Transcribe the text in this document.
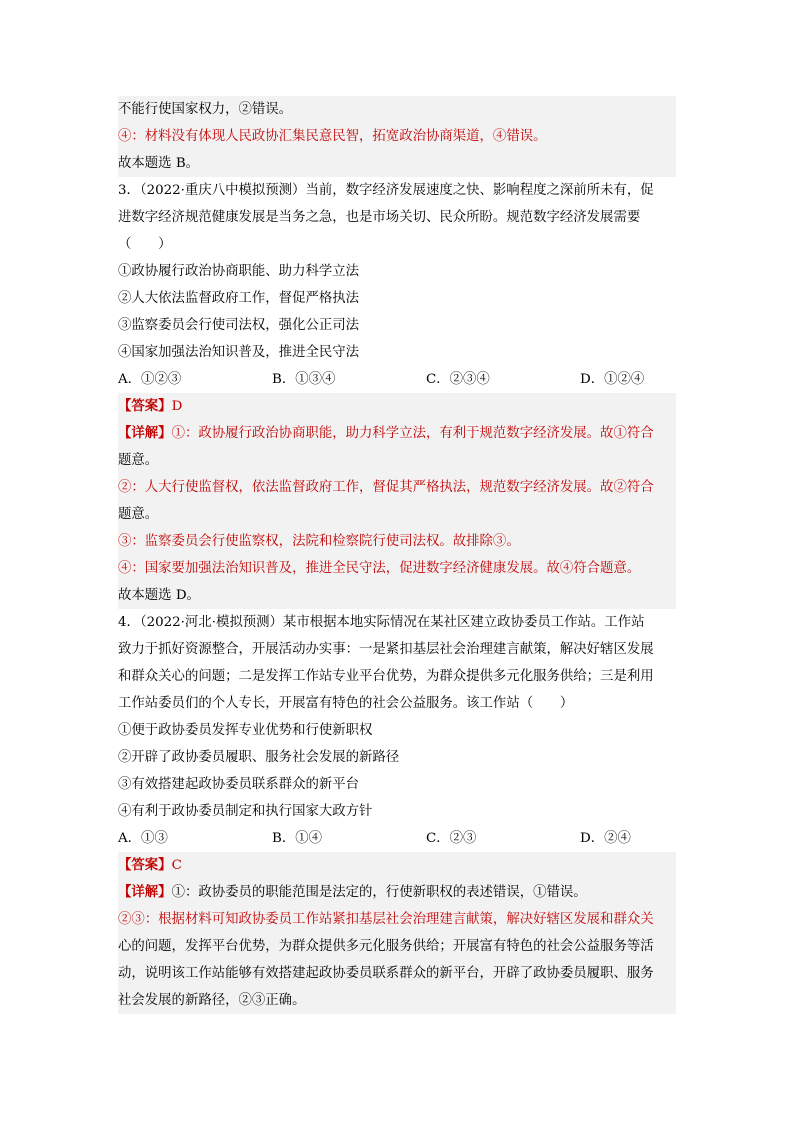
不能行使国家权力，②错误。
④：材料没有体现人民政协汇集民意民智，拓宽政治协商渠道，④错误。
故本题选 B。
3．（2022·重庆八中模拟预测）当前，数字经济发展速度之快、影响程度之深前所未有，促
进数字经济规范健康发展是当务之急，也是市场关切、民众所盼。规范数字经济发展需要
（　　）
①政协履行政治协商职能、助力科学立法
②人大依法监督政府工作，督促严格执法
③监察委员会行使司法权，强化公正司法
④国家加强法治知识普及，推进全民守法
A．①②③	B．①③④	C．②③④	D．①②④
【答案】D
【详解】①：政协履行政治协商职能，助力科学立法，有利于规范数字经济发展。故①符合
题意。
②：人大行使监督权，依法监督政府工作，督促其严格执法，规范数字经济发展。故②符合
题意。
③：监察委员会行使监察权，法院和检察院行使司法权。故排除③。
④：国家要加强法治知识普及，推进全民守法，促进数字经济健康发展。故④符合题意。
故本题选 D。
4．（2022·河北·模拟预测）某市根据本地实际情况在某社区建立政协委员工作站。工作站
致力于抓好资源整合，开展活动办实事：一是紧扣基层社会治理建言献策，解决好辖区发展
和群众关心的问题；二是发挥工作站专业平台优势，为群众提供多元化服务供给；三是利用
工作站委员们的个人专长，开展富有特色的社会公益服务。该工作站（　　）
①便于政协委员发挥专业优势和行使新职权
②开辟了政协委员履职、服务社会发展的新路径
③有效搭建起政协委员联系群众的新平台
④有利于政协委员制定和执行国家大政方针
A．①③	B．①④	C．②③	D．②④
【答案】C
【详解】①：政协委员的职能范围是法定的，行使新职权的表述错误，①错误。
②③：根据材料可知政协委员工作站紧扣基层社会治理建言献策，解决好辖区发展和群众关
心的问题，发挥平台优势，为群众提供多元化服务供给；开展富有特色的社会公益服务等活
动，说明该工作站能够有效搭建起政协委员联系群众的新平台，开辟了政协委员履职、服务
社会发展的新路径，②③正确。
